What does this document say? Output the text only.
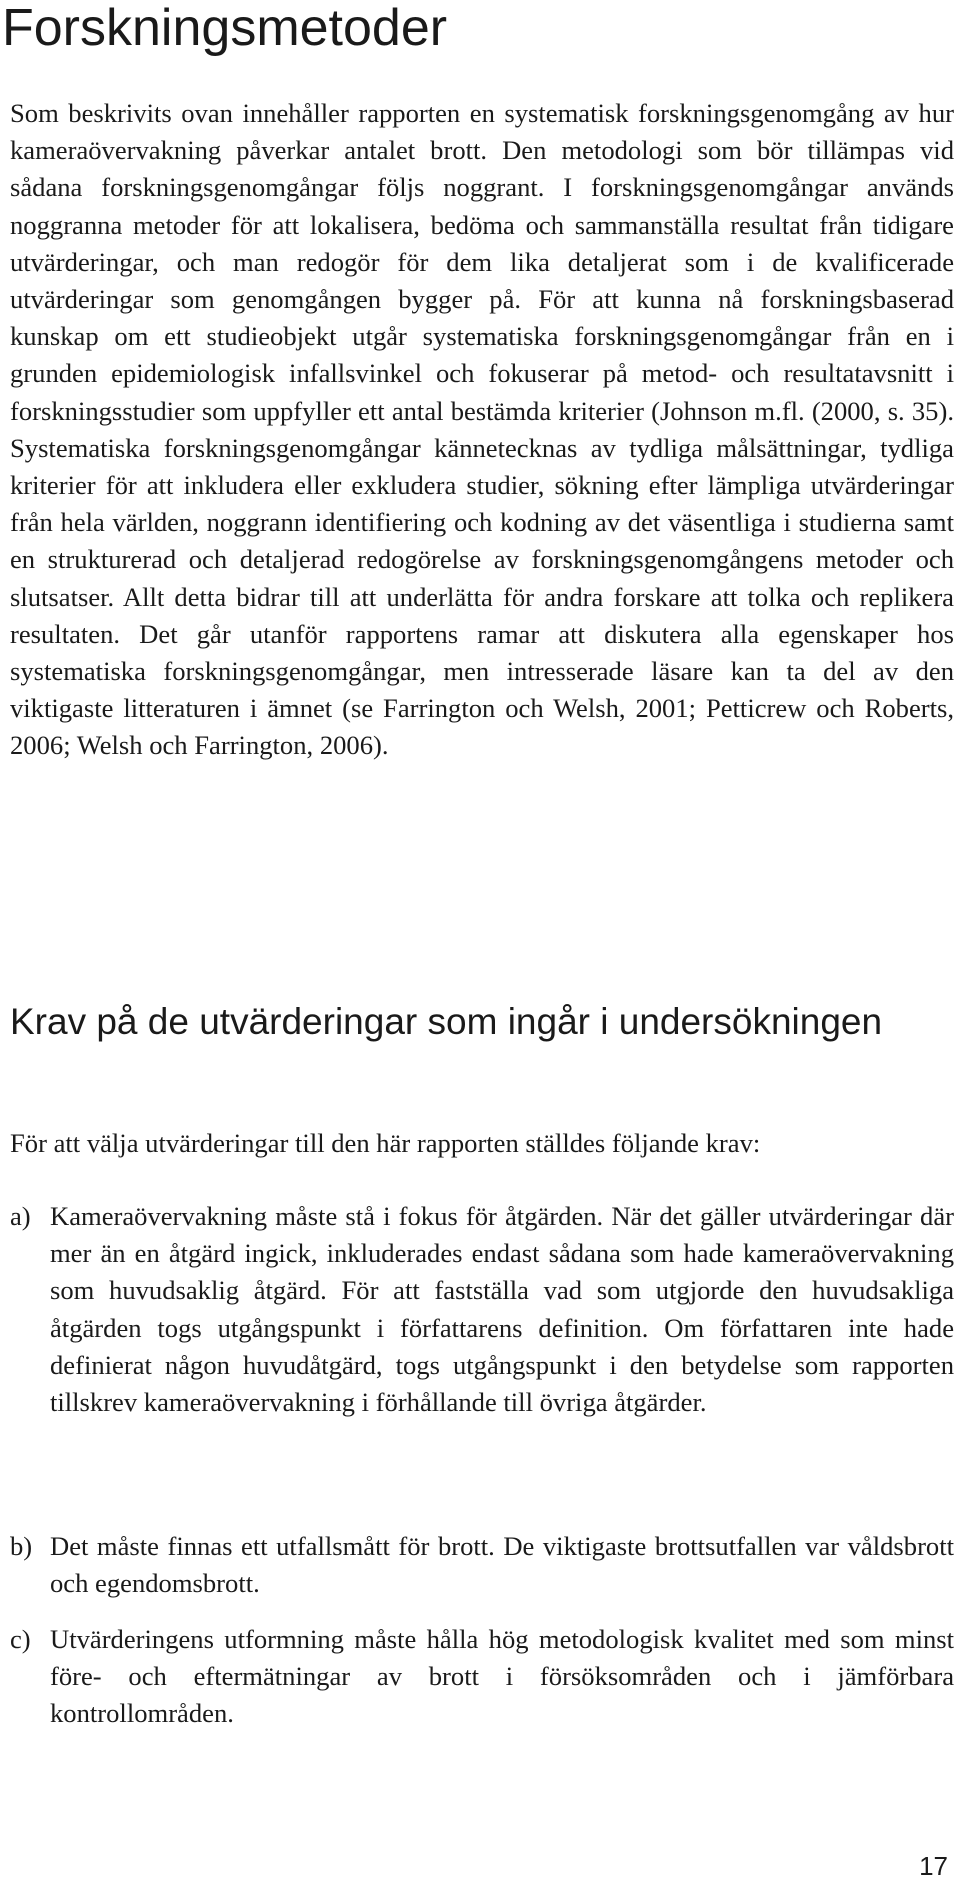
Forskningsmetoder

Som beskrivits ovan innehåller rapporten en systematisk forskningsgenomgång av hur kameraövervakning påverkar antalet brott. Den metodologi som bör tillämpas vid sådana forskningsgenomgångar följs noggrant. I forskningsgenomgångar används noggranna metoder för att lokalisera, bedöma och sammanställa resultat från tidigare utvärderingar, och man redogör för dem lika detaljerat som i de kvalificerade utvärderingar som genomgången bygger på. För att kunna nå forskningsbaserad kunskap om ett studieobjekt utgår systematiska forskningsgenomgångar från en i grunden epidemiologisk infallsvinkel och fokuserar på metod- och resultatavsnitt i forskningsstudier som uppfyller ett antal bestämda kriterier (Johnson m.fl. (2000, s. 35). Systematiska forskningsgenomgångar kännetecknas av tydliga målsättningar, tydliga kriterier för att inkludera eller exkludera studier, sökning efter lämpliga utvärderingar från hela världen, noggrann identifiering och kodning av det väsentliga i studierna samt en strukturerad och detaljerad redogörelse av forskningsgenomgångens metoder och slutsatser. Allt detta bidrar till att underlätta för andra forskare att tolka och replikera resultaten. Det går utanför rapportens ramar att diskutera alla egenskaper hos systematiska forskningsgenomgångar, men intresserade läsare kan ta del av den viktigaste litteraturen i ämnet (se Farrington och Welsh, 2001; Petticrew och Roberts, 2006; Welsh och Farrington, 2006).

Krav på de utvärderingar som ingår i undersökningen

För att välja utvärderingar till den här rapporten ställdes följande krav:

a) Kameraövervakning måste stå i fokus för åtgärden. När det gäller utvärderingar där mer än en åtgärd ingick, inkluderades endast sådana som hade kameraövervakning som huvudsaklig åtgärd. För att fastställa vad som utgjorde den huvudsakliga åtgärden togs utgångspunkt i författarens definition. Om författaren inte hade definierat någon huvudåtgärd, togs utgångspunkt i den betydelse som rapporten tillskrev kameraövervakning i förhållande till övriga åtgärder.
b) Det måste finnas ett utfallsmått för brott. De viktigaste brottsutfallen var våldsbrott och egendomsbrott.
c) Utvärderingens utformning måste hålla hög metodologisk kvalitet med som minst före- och eftermätningar av brott i försöksområden och i jämförbara kontrollområden.
17
